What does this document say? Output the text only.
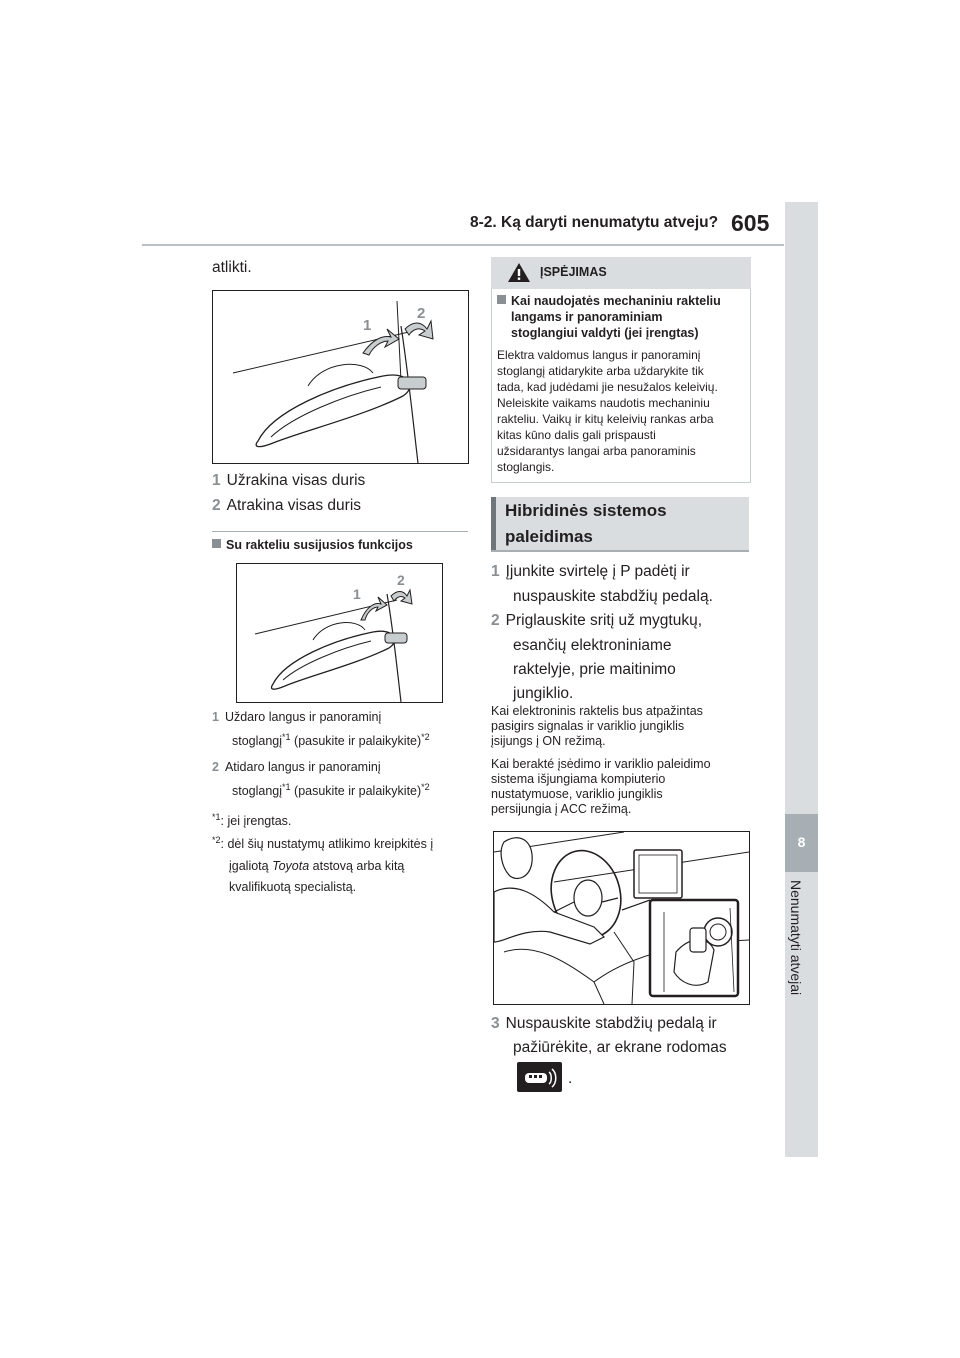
8-2. Ką daryti nenumatytu atveju? 605
8
Nenumatyti atvejai
atlikti.
1
2
1 Užrakina visas duris
2 Atrakina visas duris
Su rakteliu susijusios funkcijos
1
2
1 Uždaro langus ir panoraminį
stoglangį$^{*1}$ (pasukite ir palaikykite)$^{*2}$
2 Atidaro langus ir panoraminį
stoglangį$^{*1}$ (pasukite ir palaikykite)$^{*2}$
$^{*1}$: jei įrengtas.
$^{*2}$: dėl šių nustatymų atlikimo kreipkitės į
įgaliotą Toyota atstovą arba kitą
kvalifikuotą specialistą.
ĮSPĖJIMAS
Kai naudojatės mechaniniu rakteliu
langams ir panoraminiam
stoglangiui valdyti (jei įrengtas)
Elektra valdomus langus ir panoraminį
stoglangį atidarykite arba uždarykite tik
tada, kad judėdami jie nesužalos keleivių.
Neleiskite vaikams naudotis mechaniniu
rakteliu. Vaikų ir kitų keleivių rankas arba
kitas kūno dalis gali prispausti
užsidarantys langai arba panoraminis
stoglangis.
Hibridinės sistemos
paleidimas
1 Įjunkite svirtelę į P padėtį ir
nuspauskite stabdžių pedalą.
2 Priglauskite sritį už mygtukų,
esančių elektroniniame
raktelyje, prie maitinimo
jungiklio.
Kai elektroninis raktelis bus atpažintas
pasigirs signalas ir variklio jungiklis
įsijungs į ON režimą.
Kai berakté įsėdimo ir variklio paleidimo
sistema išjungiama kompiuterio
nustatymuose, variklio jungiklis
persijungia į ACC režimą.
3 Nuspauskite stabdžių pedalą ir
pažiūrėkite, ar ekrane rodomas
.
